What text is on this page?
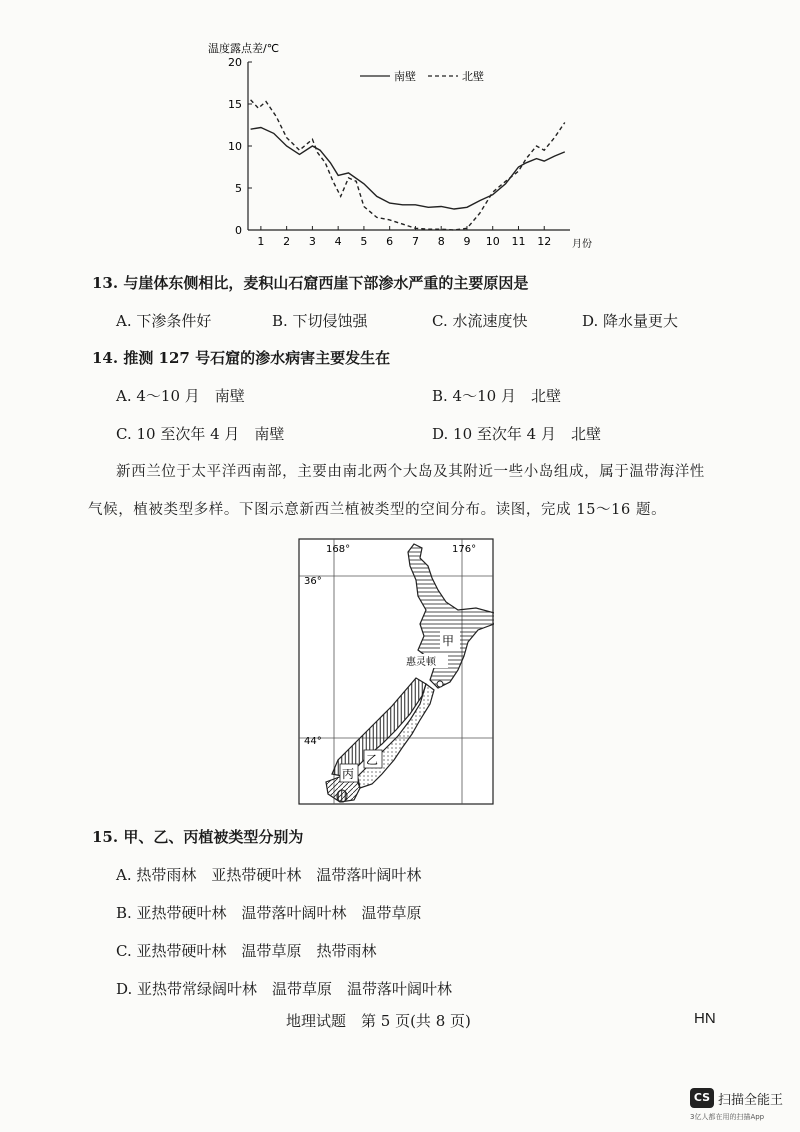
温度露点差/℃
0
5
10
15
20
1 2 3 4 5 6 7 8 9 10 11 12 月份
南壁	北壁
13. 与崖体东侧相比，麦积山石窟西崖下部渗水严重的主要原因是
A. 下渗条件好	B. 下切侵蚀强	C. 水流速度快	D. 降水量更大
14. 推测 127 号石窟的渗水病害主要发生在
A. 4～10 月　南壁	B. 4～10 月　北壁
C. 10 至次年 4 月　南壁	D. 10 至次年 4 月　北壁
新西兰位于太平洋西南部，主要由南北两个大岛及其附近一些小岛组成，属于温带海洋性
气候，植被类型多样。下图示意新西兰植被类型的空间分布。读图，完成 15～16 题。
168°	176°
36°
44°
甲
惠灵顿
乙
丙
15. 甲、乙、丙植被类型分别为
A. 热带雨林　亚热带硬叶林　温带落叶阔叶林
B. 亚热带硬叶林　温带落叶阔叶林　温带草原
C. 亚热带硬叶林　温带草原　热带雨林
D. 亚热带常绿阔叶林　温带草原　温带落叶阔叶林
地理试题　第 5 页(共 8 页)	HN
CS 扫描全能王
3亿人都在用的扫描App
